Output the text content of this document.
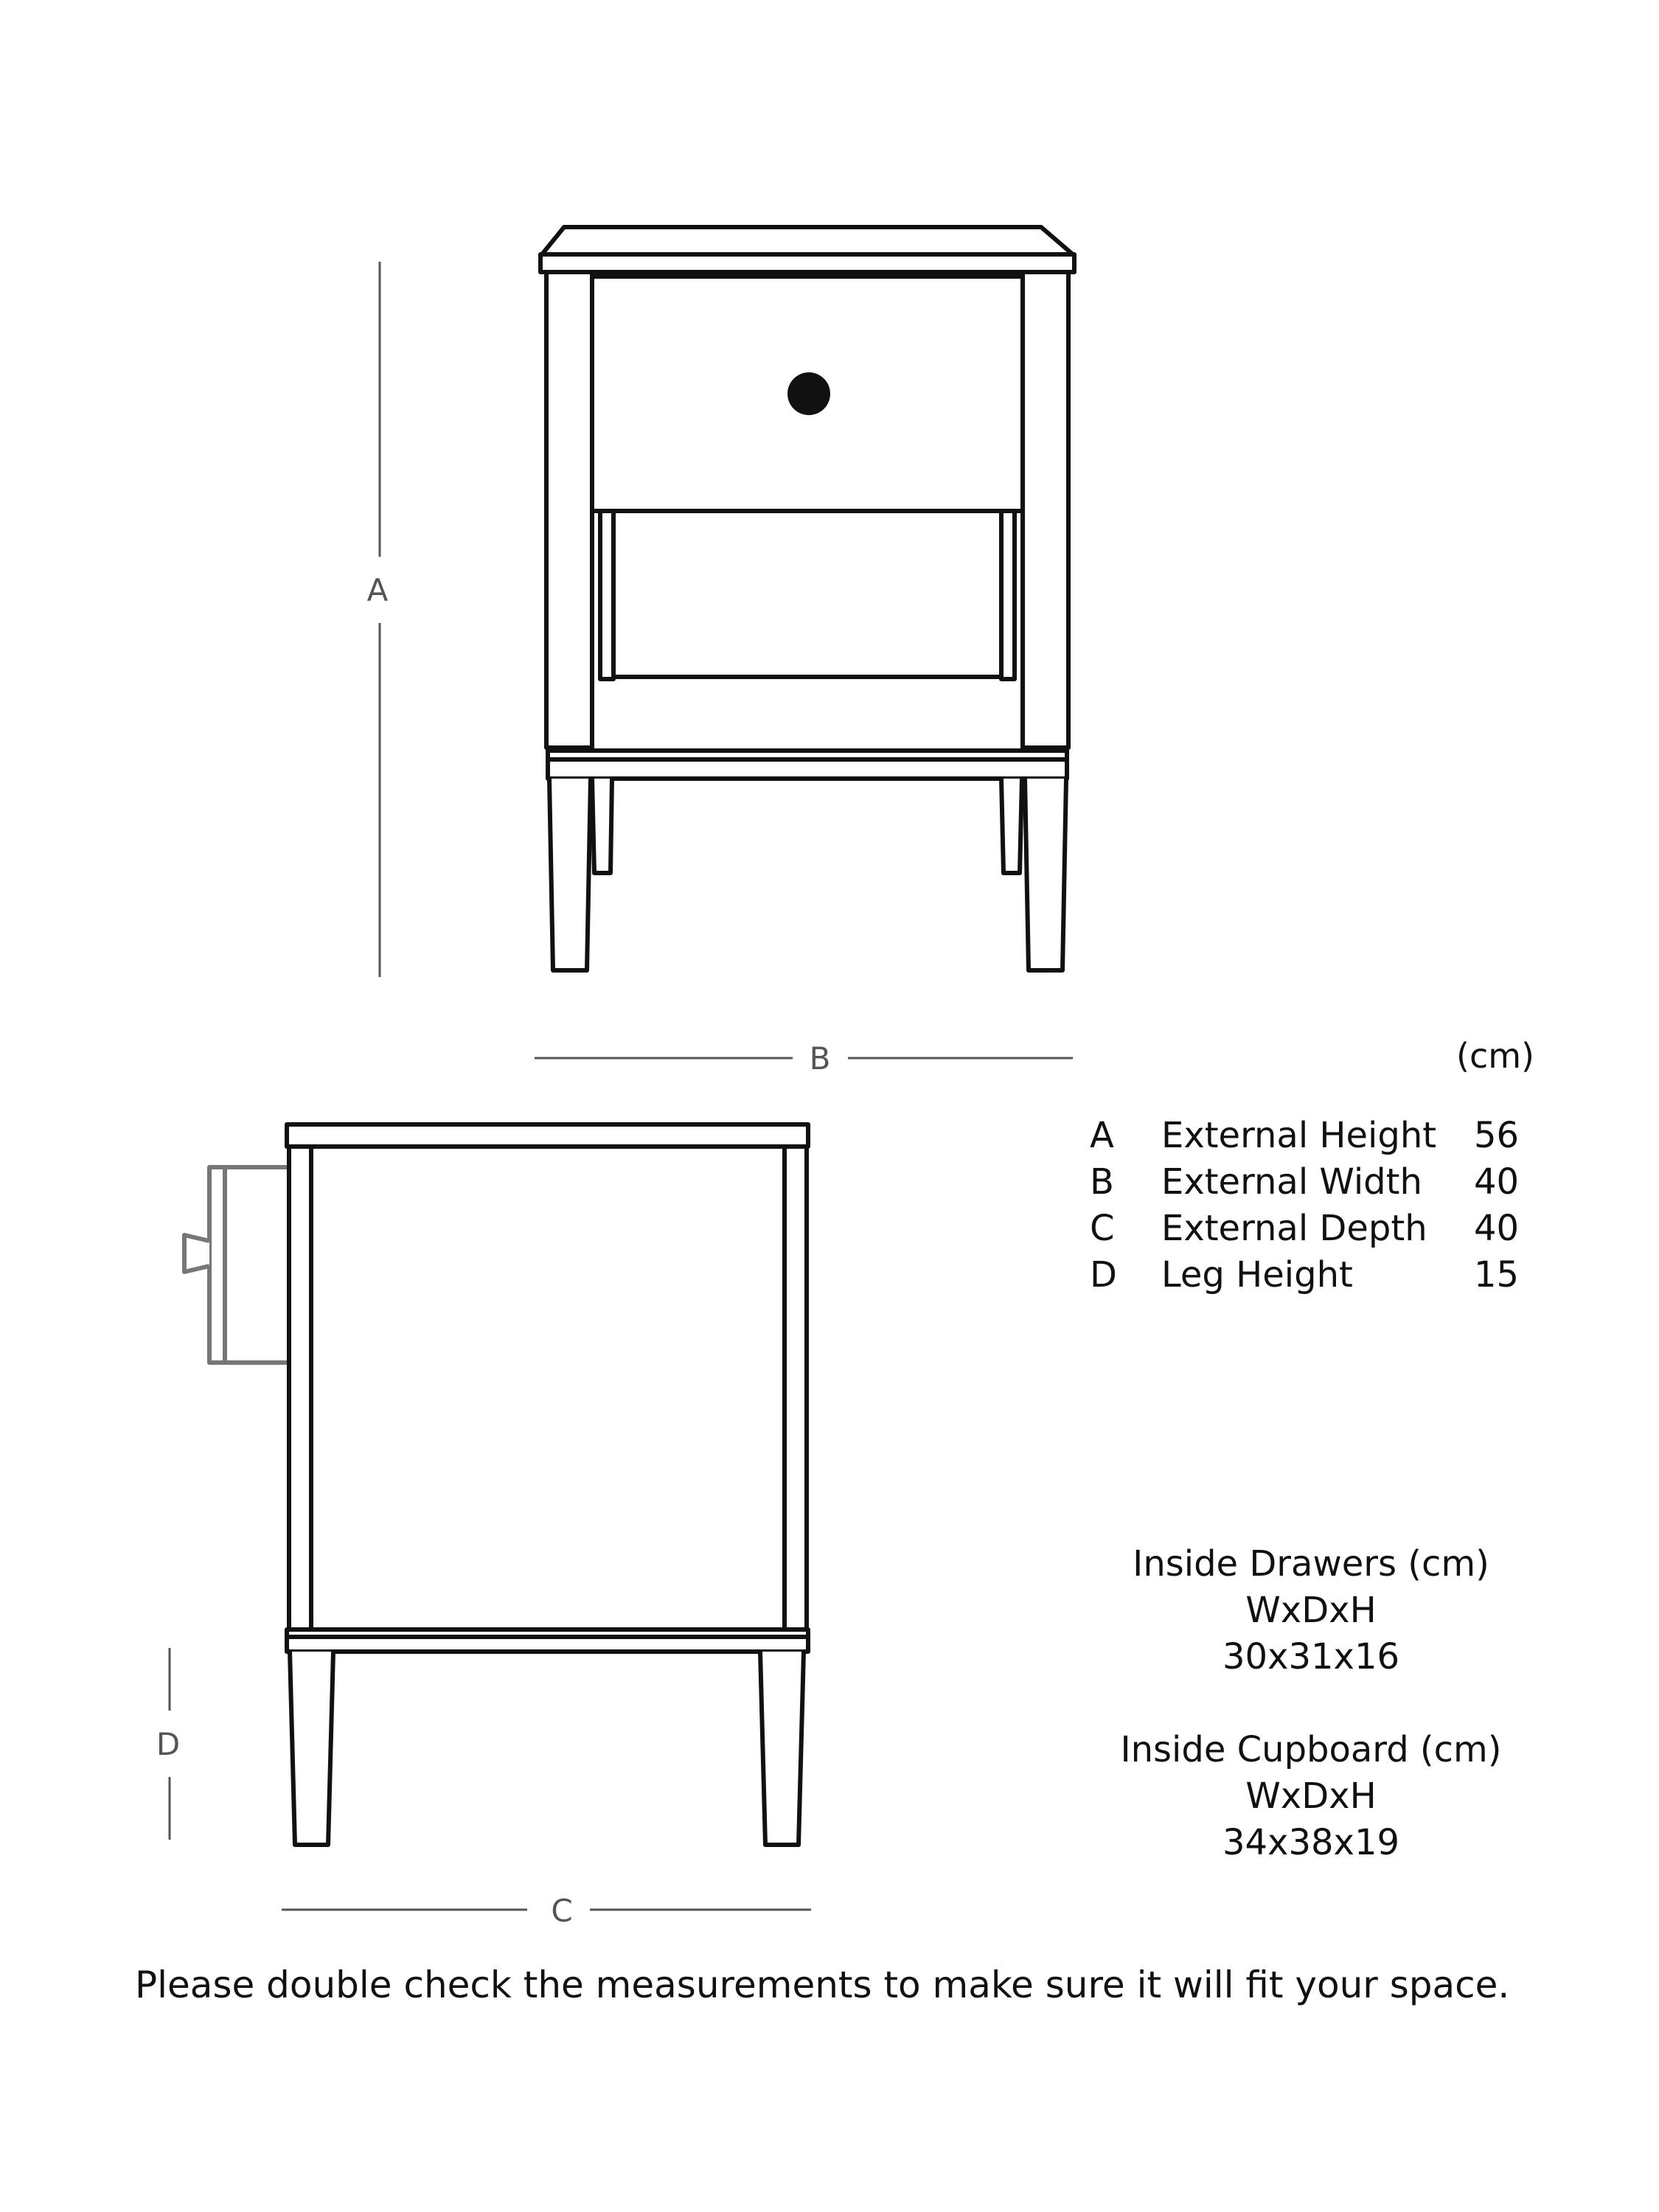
A
B
D
C
(cm)
A	External Height	56
B	External Width	40
C	External Depth	40
D	Leg Height	15
Inside Drawers (cm)
WxDxH
30x31x16
Inside Cupboard (cm)
WxDxH
34x38x19
Please double check the measurements to make sure it will fit your space.
